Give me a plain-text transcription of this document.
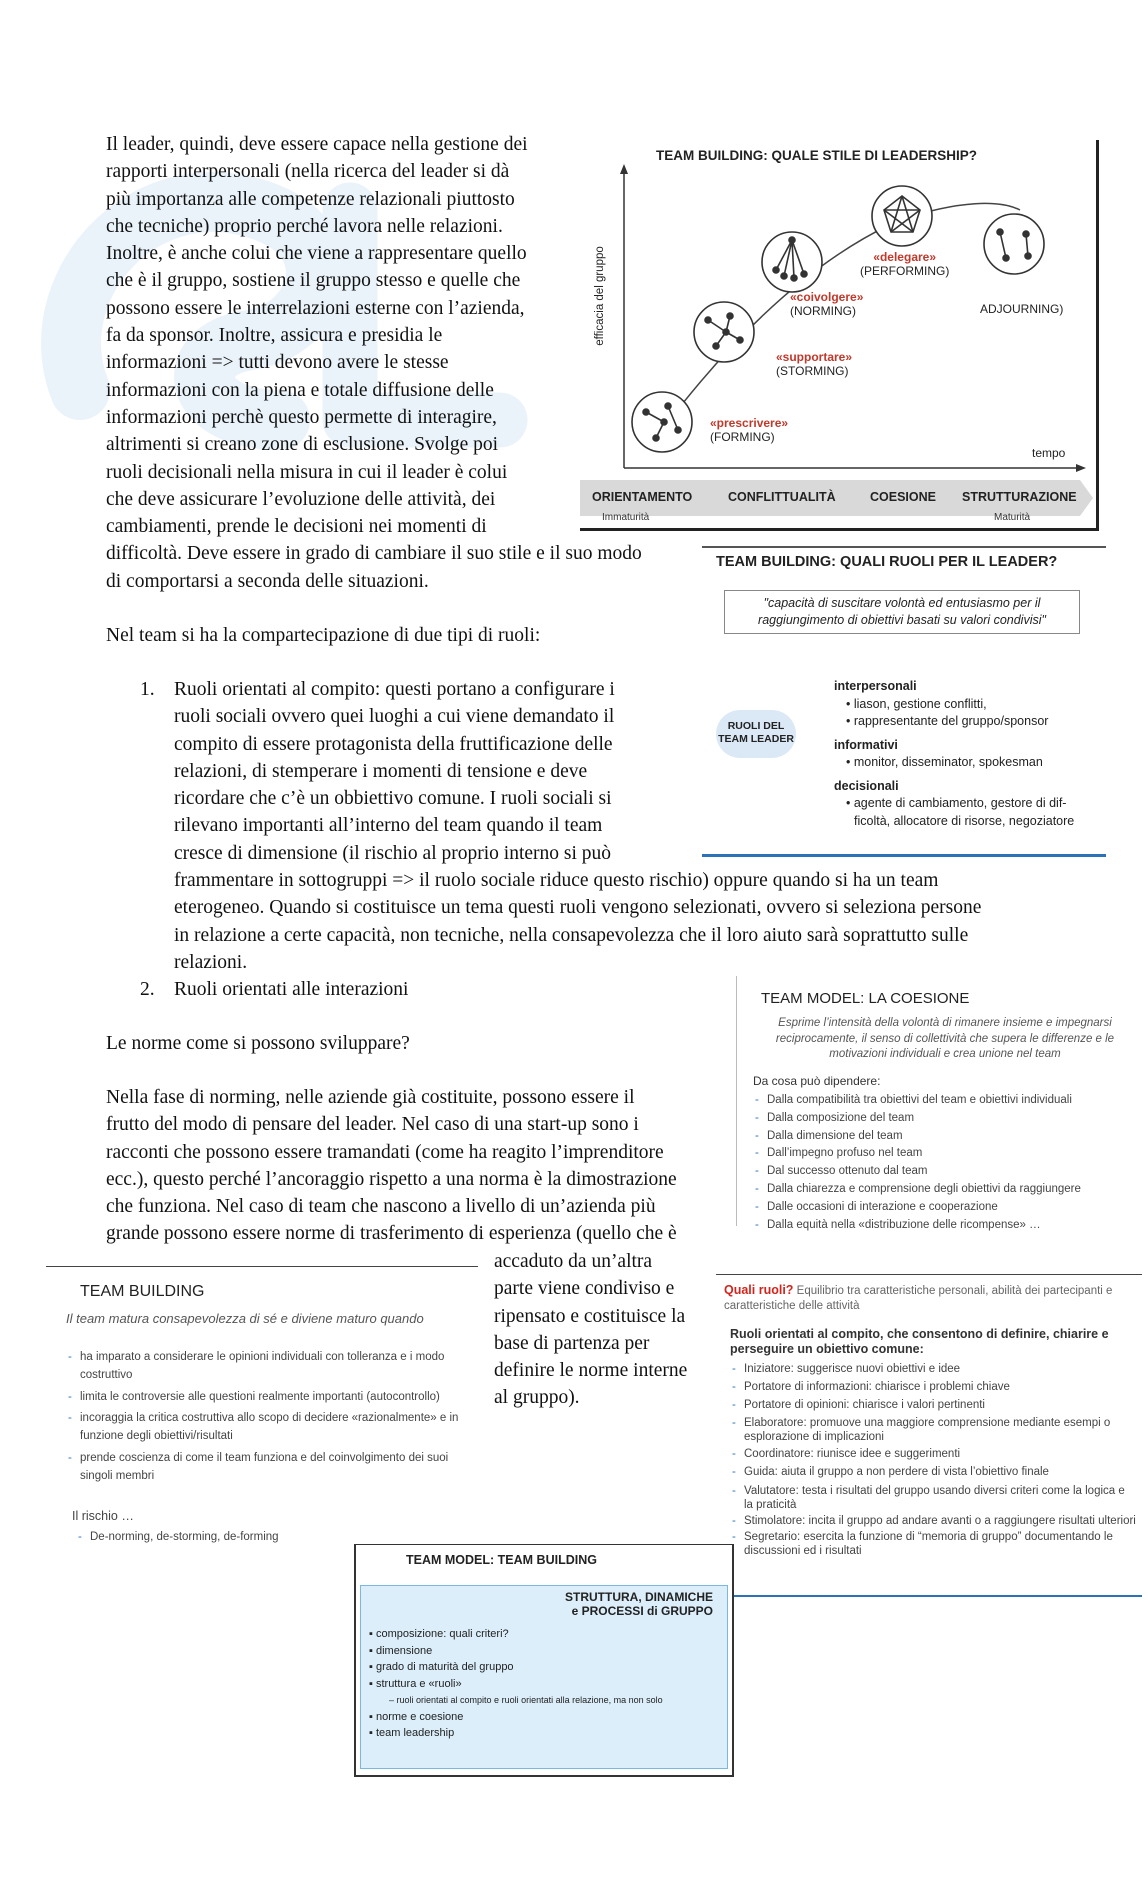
Il leader, quindi, deve essere capace nella gestione dei
rapporti interpersonali (nella ricerca del leader si dà
più importanza alle competenze relazionali piuttosto
che tecniche) proprio perché lavora nelle relazioni.
Inoltre, è anche colui che viene a rappresentare quello
che è il gruppo, sostiene il gruppo stesso e quelle che
possono essere le interrelazioni esterne con l’azienda,
fa da sponsor. Inoltre, assicura e presidia le
informazioni => tutti devono avere le stesse
informazioni con la piena e totale diffusione delle
informazioni perchè questo permette di interagire,
altrimenti si creano zone di esclusione. Svolge poi
ruoli decisionali nella misura in cui il leader è colui
che deve assicurare l’evoluzione delle attività, dei
cambiamenti, prende le decisioni nei momenti di
difficoltà. Deve essere in grado di cambiare il suo stile e il suo modo
di comportarsi a seconda delle situazioni.
Nel team si ha la compartecipazione di due tipi di ruoli:
1. Ruoli orientati al compito: questi portano a configurare i
ruoli sociali ovvero quei luoghi a cui viene demandato il
compito di essere protagonista della fruttificazione delle
relazioni, di stemperare i momenti di tensione e deve
ricordare che c’è un obbiettivo comune. I ruoli sociali si
rilevano importanti all’interno del team quando il team
cresce di dimensione (il rischio al proprio interno si può
frammentare in sottogruppi => il ruolo sociale riduce questo rischio) oppure quando si ha un team
eterogeneo. Quando si costituisce un tema questi ruoli vengono selezionati, ovvero si seleziona persone
in relazione a certe capacità, non tecniche, nella consapevolezza che il loro aiuto sarà soprattutto sulle
relazioni.
2. Ruoli orientati alle interazioni
Le norme come si possono sviluppare?
Nella fase di norming, nelle aziende già costituite, possono essere il
frutto del modo di pensare del leader. Nel caso di una start-up sono i
racconti che possono essere tramandati (come ha reagito l’imprenditore
ecc.), questo perché l’ancoraggio rispetto a una norma è la dimostrazione
che funziona. Nel caso di team che nascono a livello di un’azienda più
grande possono essere norme di trasferimento di esperienza (quello che è
accaduto da un’altra
parte viene condiviso e
ripensato e costituisce la
base di partenza per
definire le norme interne
al gruppo).
TEAM BUILDING: QUALE STILE DI LEADERSHIP?
efficacia del gruppo
tempo
«prescrivere»
(FORMING)
«supportare»
(STORMING)
«coivolgere»
(NORMING)
«delegare»
(PERFORMING)
ADJOURNING)
ORIENTAMENTO	CONFLITTUALITÀ	COESIONE STRUTTURAZIONE
Immaturità	Maturità
TEAM BUILDING: QUALI RUOLI PER IL LEADER?
"capacità di suscitare volontà ed entusiasmo per il raggiungimento di obiettivi basati su valori condivisi"
RUOLI DEL
TEAM LEADER
interpersonali
• liason, gestione conflitti,
• rappresentante del gruppo/sponsor
informativi
• monitor, disseminator, spokesman
decisionali
• agente di cambiamento, gestore di dif-
ficoltà, allocatore di risorse, negoziatore
TEAM MODEL: LA COESIONE
Esprime l’intensità della volontà di rimanere insieme e impegnarsi reciprocamente, il senso di collettività che supera le differenze e le motivazioni individuali e crea unione nel team
Da cosa può dipendere:
- Dalla compatibilità tra obiettivi del team e obiettivi individuali
- Dalla composizione del team
- Dalla dimensione del team
- Dall’impegno profuso nel team
- Dal successo ottenuto dal team
- Dalla chiarezza e comprensione degli obiettivi da raggiungere
- Dalle occasioni di interazione e cooperazione
- Dalla equità nella «distribuzione delle ricompense» …
TEAM BUILDING
Il team matura consapevolezza di sé e diviene maturo quando
- ha imparato a considerare le opinioni individuali con tolleranza e i modo costruttivo
- limita le controversie alle questioni realmente importanti (autocontrollo)
- incoraggia la critica costruttiva allo scopo di decidere «razionalmente» e in funzione degli obiettivi/risultati
- prende coscienza di come il team funziona e del coinvolgimento dei suoi singoli membri
Il rischio …
- De-norming, de-storming, de-forming
Quali ruoli? Equilibrio tra caratteristiche personali, abilità dei partecipanti e caratteristiche delle attività
Ruoli orientati al compito, che consentono di definire, chiarire e perseguire un obiettivo comune:
- Iniziatore: suggerisce nuovi obiettivi e idee
- Portatore di informazioni: chiarisce i problemi chiave
- Portatore di opinioni: chiarisce i valori pertinenti
- Elaboratore: promuove una maggiore comprensione mediante esempi o esplorazione di implicazioni
- Coordinatore: riunisce idee e suggerimenti
- Guida: aiuta il gruppo a non perdere di vista l’obiettivo finale
- Valutatore: testa i risultati del gruppo usando diversi criteri come la logica e la praticità
- Stimolatore: incita il gruppo ad andare avanti o a raggiungere risultati ulteriori
- Segretario: esercita la funzione di “memoria di gruppo” documentando le discussioni ed i risultati
TEAM MODEL: TEAM BUILDING
STRUTTURA, DINAMICHE
e PROCESSI di GRUPPO
▪ composizione: quali criteri?
▪ dimensione
▪ grado di maturità del gruppo
▪ struttura e «ruoli»
– ruoli orientati al compito e ruoli orientati alla relazione, ma non solo
▪ norme e coesione
▪ team leadership
